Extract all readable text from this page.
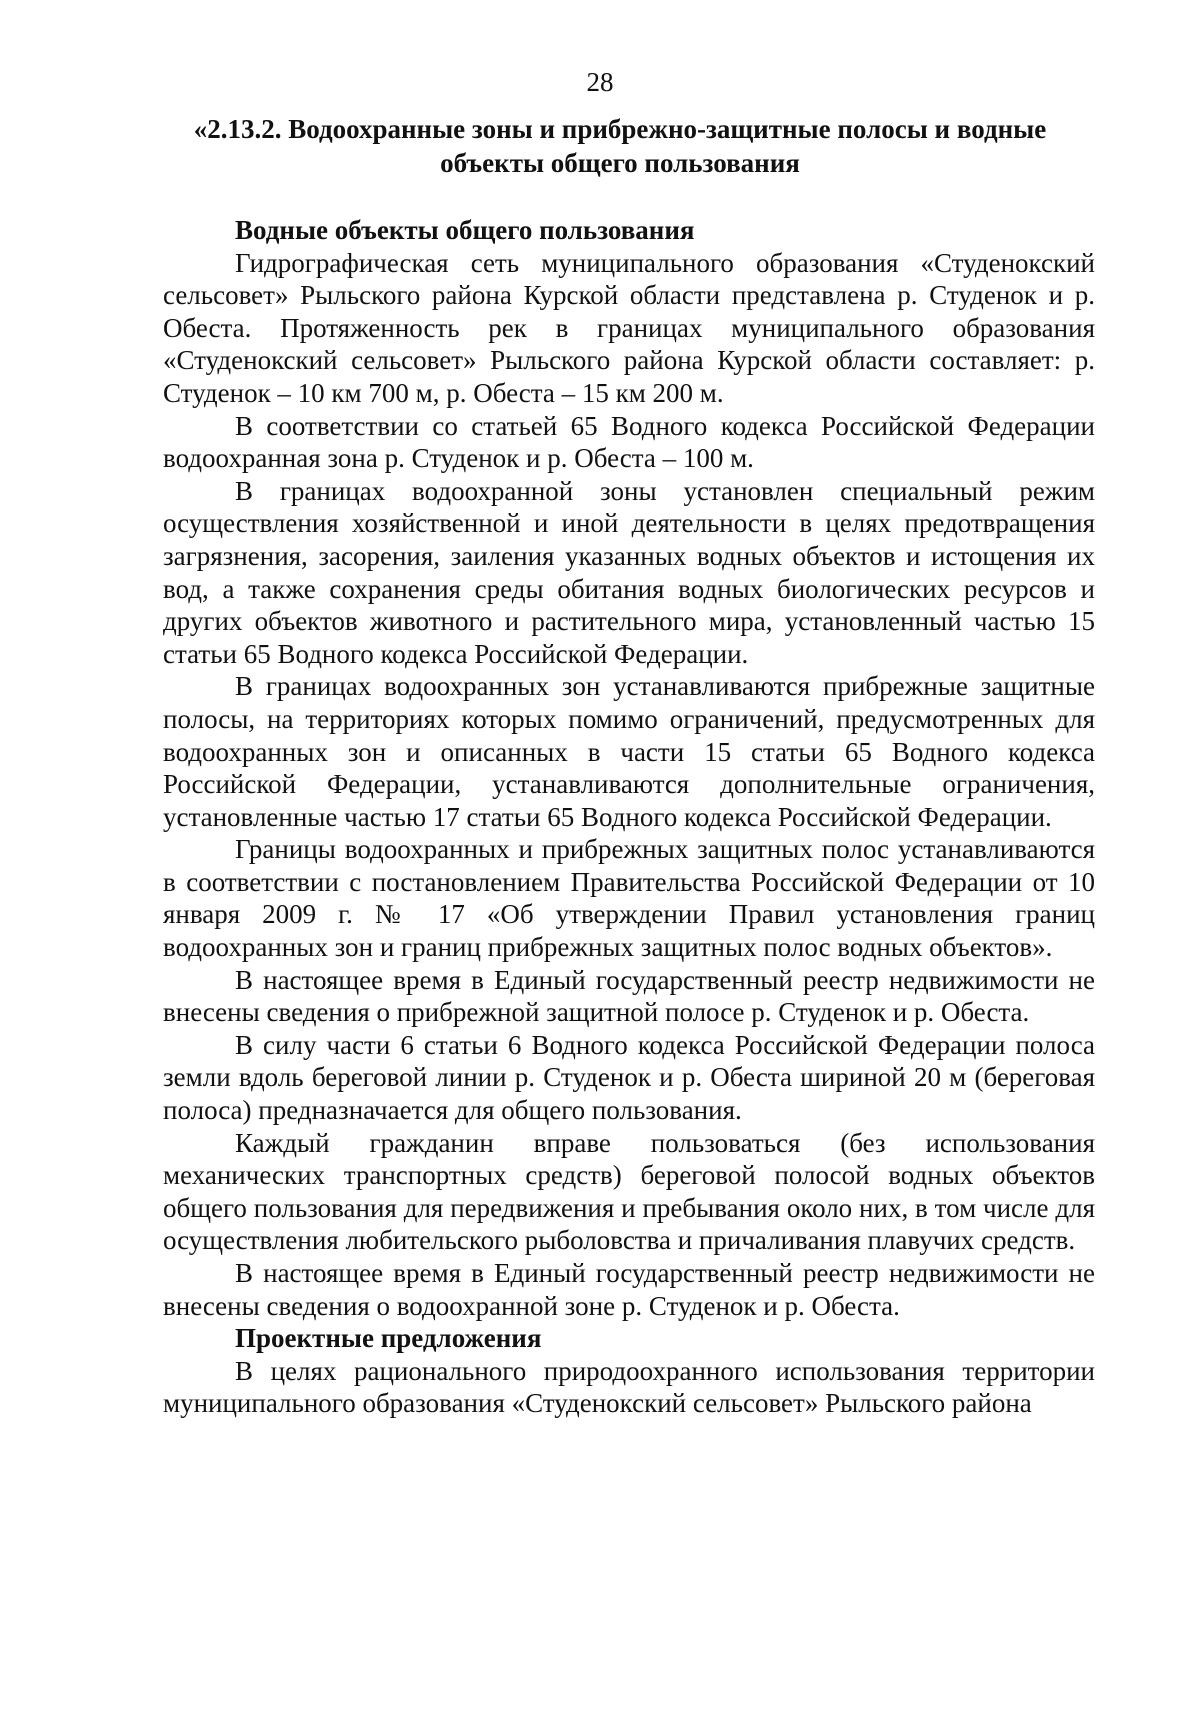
28
«2.13.2. Водоохранные зоны и прибрежно-защитные полосы и водные объекты общего пользования

Водные объекты общего пользования

Гидрографическая сеть муниципального образования «Студенокский сельсовет» Рыльского района Курской области представлена р. Студенок и р. Обеста. Протяженность рек в границах муниципального образования «Студенокский сельсовет» Рыльского района Курской области составляет: р. Студенок – 10 км 700 м, р. Обеста – 15 км 200 м.

В соответствии со статьей 65 Водного кодекса Российской Федерации водоохранная зона р. Студенок и р. Обеста – 100 м.

В границах водоохранной зоны установлен специальный режим осуществления хозяйственной и иной деятельности в целях предотвращения загрязнения, засорения, заиления указанных водных объектов и истощения их вод, а также сохранения среды обитания водных биологических ресурсов и других объектов животного и растительного мира, установленный частью 15 статьи 65 Водного кодекса Российской Федерации.

В границах водоохранных зон устанавливаются прибрежные защитные полосы, на территориях которых помимо ограничений, предусмотренных для водоохранных зон и описанных в части 15 статьи 65 Водного кодекса Российской Федерации, устанавливаются дополнительные ограничения, установленные частью 17 статьи 65 Водного кодекса Российской Федерации.

Границы водоохранных и прибрежных защитных полос устанавливаются в соответствии с постановлением Правительства Российской Федерации от 10 января 2009 г. № 17 «Об утверждении Правил установления границ водоохранных зон и границ прибрежных защитных полос водных объектов».

В настоящее время в Единый государственный реестр недвижимости не внесены сведения о прибрежной защитной полосе р. Студенок и р. Обеста.

В силу части 6 статьи 6 Водного кодекса Российской Федерации полоса земли вдоль береговой линии р. Студенок и р. Обеста шириной 20 м (береговая полоса) предназначается для общего пользования.

Каждый гражданин вправе пользоваться (без использования механических транспортных средств) береговой полосой водных объектов общего пользования для передвижения и пребывания около них, в том числе для осуществления любительского рыболовства и причаливания плавучих средств.

В настоящее время в Единый государственный реестр недвижимости не внесены сведения о водоохранной зоне р. Студенок и р. Обеста.

Проектные предложения

В целях рационального природоохранного использования территории муниципального образования «Студенокский сельсовет» Рыльского района
